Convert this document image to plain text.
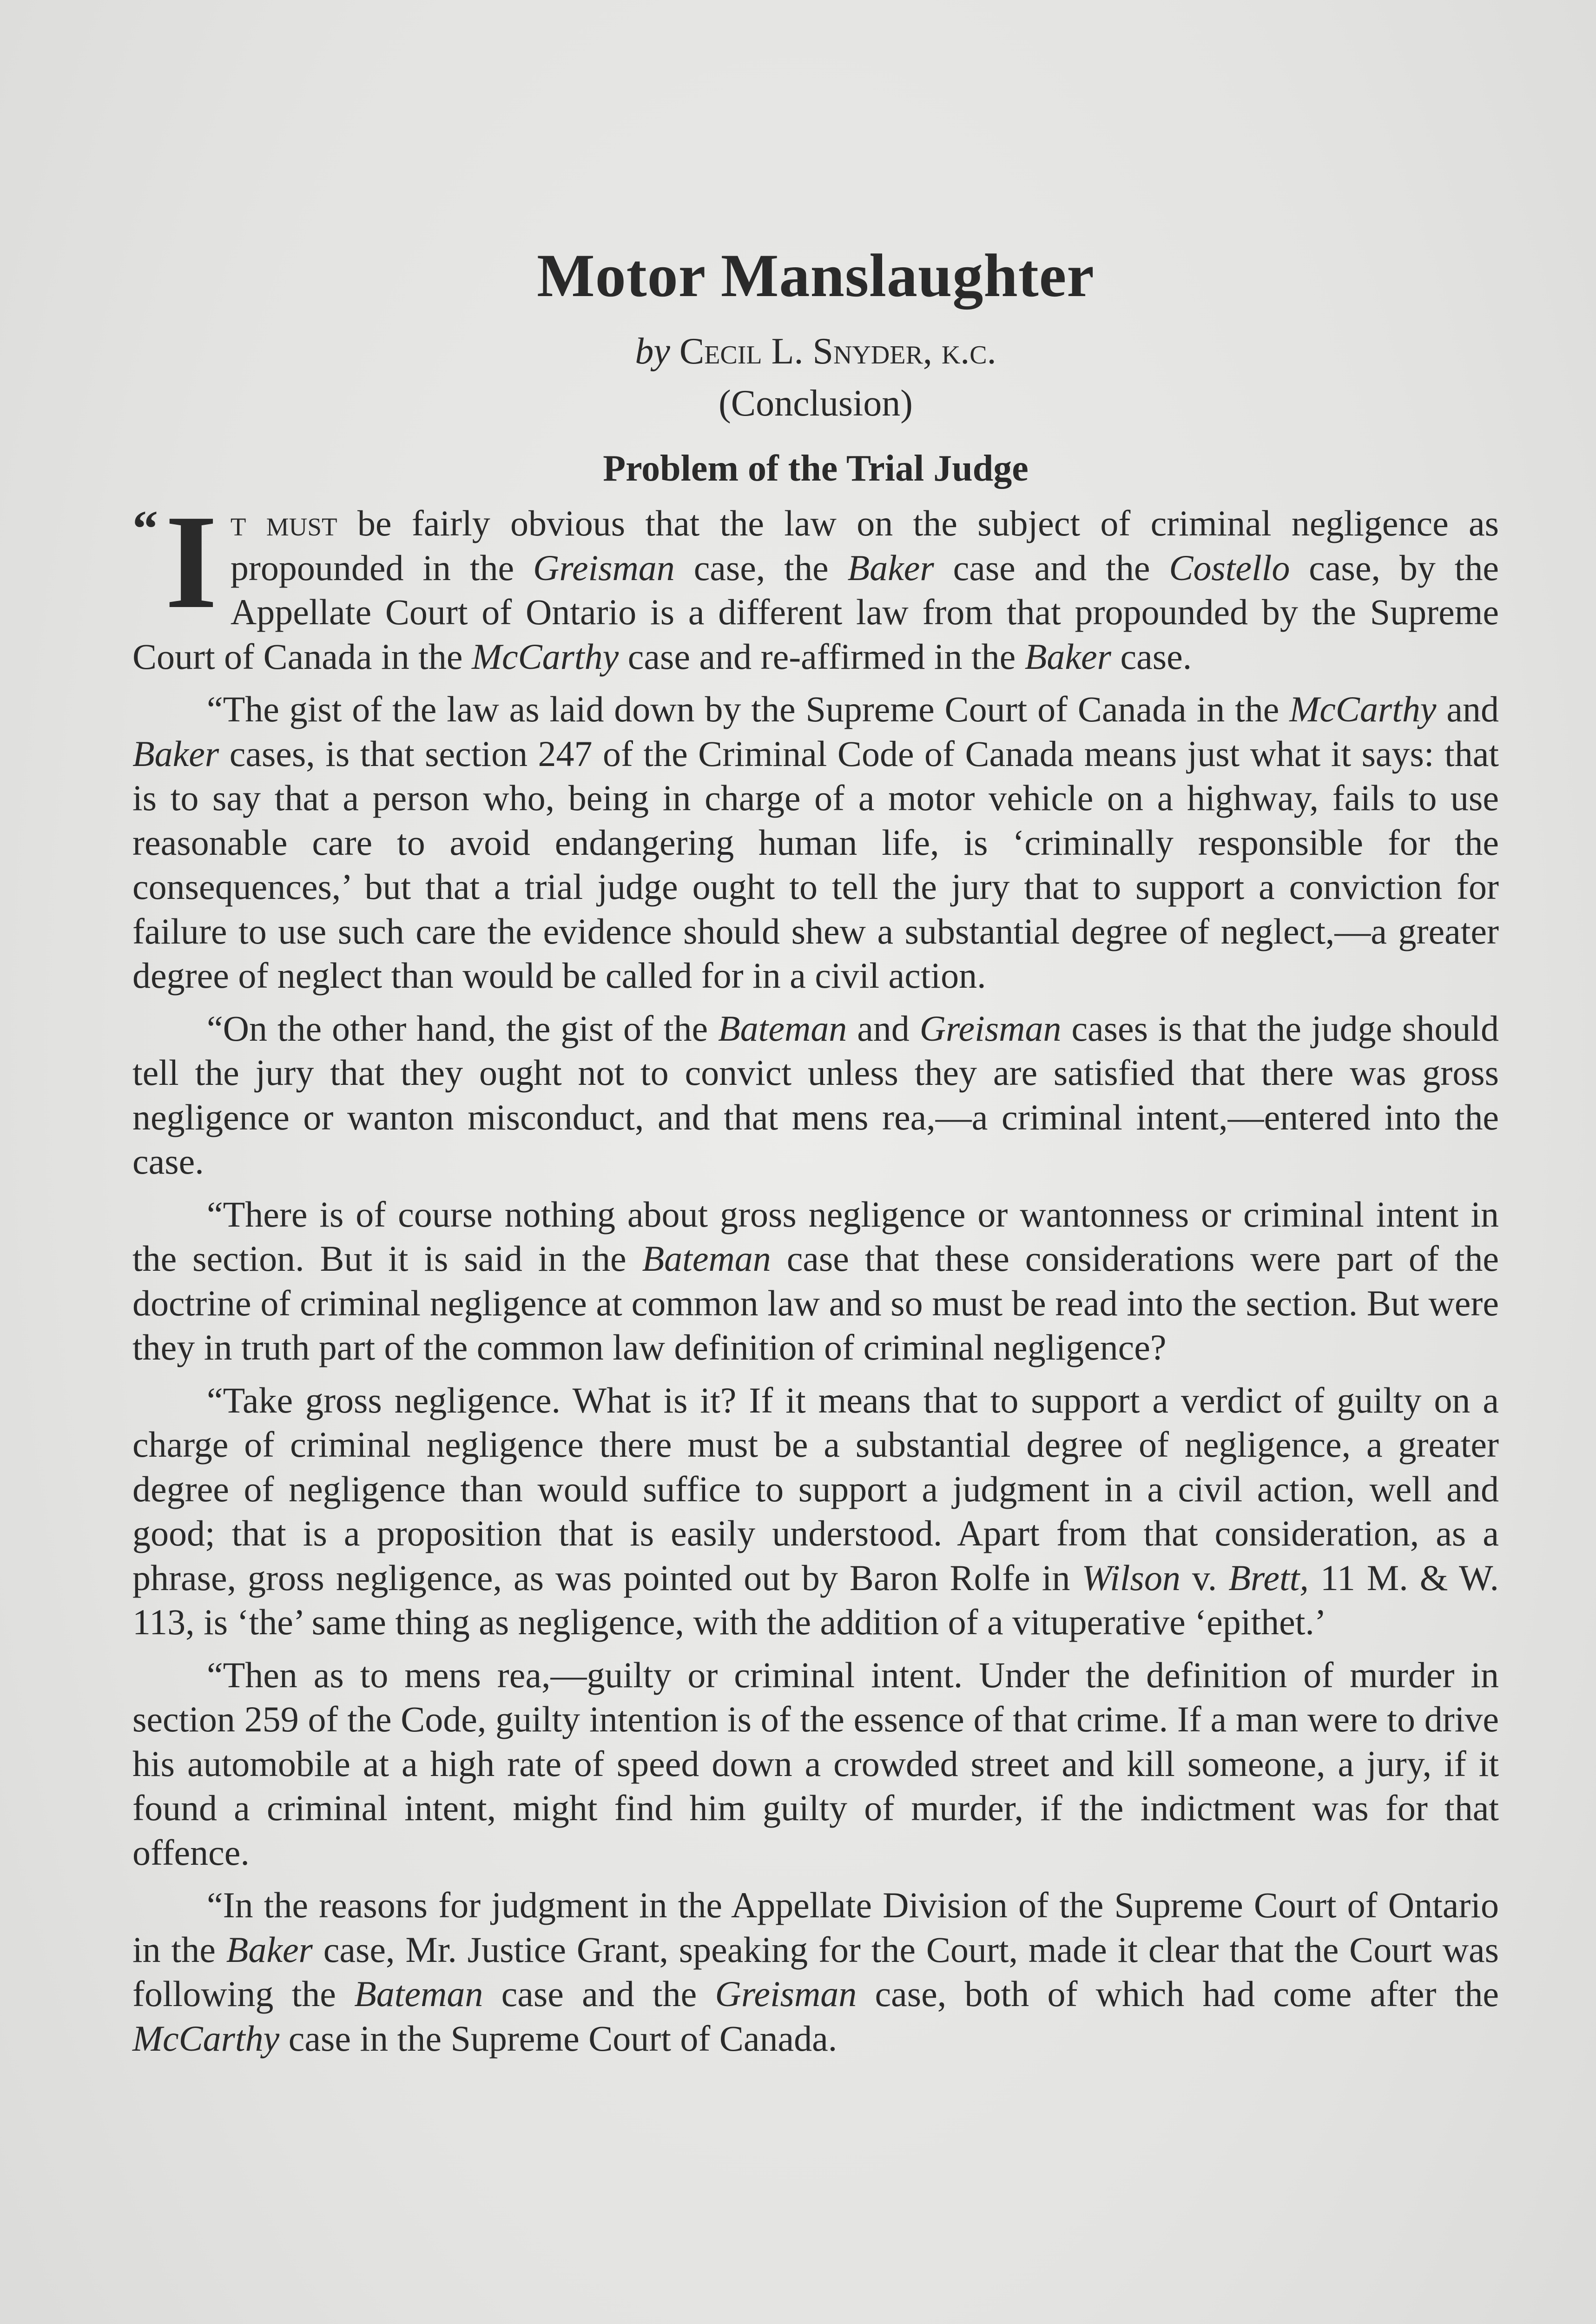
Motor Manslaughter
by Cecil L. Snyder, k.c.
(Conclusion)
Problem of the Trial Judge

“ I t must be fairly obvious that the law on the subject of criminal negligence as propounded in the Greisman case, the Baker case and the Costello case, by the Appellate Court of Ontario is a different law from that propounded by the Supreme Court of Canada in the McCarthy case and re-affirmed in the Baker case.

“The gist of the law as laid down by the Supreme Court of Canada in the McCarthy and Baker cases, is that section 247 of the Criminal Code of Canada means just what it says: that is to say that a person who, being in charge of a motor vehicle on a highway, fails to use reasonable care to avoid endangering human life, is ‘criminally responsible for the consequences,’ but that a trial judge ought to tell the jury that to support a conviction for failure to use such care the evidence should shew a substantial degree of neglect,—a greater degree of neglect than would be called for in a civil action.

“On the other hand, the gist of the Bateman and Greisman cases is that the judge should tell the jury that they ought not to convict unless they are satisfied that there was gross negligence or wanton misconduct, and that mens rea,—a criminal intent,—entered into the case.

“There is of course nothing about gross negligence or wantonness or criminal intent in the section. But it is said in the Bateman case that these considerations were part of the doctrine of criminal negligence at common law and so must be read into the section. But were they in truth part of the common law definition of criminal negligence?

“Take gross negligence. What is it? If it means that to support a verdict of guilty on a charge of criminal negligence there must be a substantial degree of negligence, a greater degree of negligence than would suffice to support a judgment in a civil action, well and good; that is a proposition that is easily understood. Apart from that consideration, as a phrase, gross negligence, as was pointed out by Baron Rolfe in Wilson v. Brett, 11 M. & W. 113, is ‘the’ same thing as negligence, with the addition of a vituperative ‘epithet.’

“Then as to mens rea,—guilty or criminal intent. Under the definition of murder in section 259 of the Code, guilty intention is of the essence of that crime. If a man were to drive his automobile at a high rate of speed down a crowded street and kill someone, a jury, if it found a criminal intent, might find him guilty of murder, if the indictment was for that offence.

“In the reasons for judgment in the Appellate Division of the Supreme Court of Ontario in the Baker case, Mr. Justice Grant, speaking for the Court, made it clear that the Court was following the Bateman case and the Greisman case, both of which had come after the McCarthy case in the Supreme Court of Canada.
